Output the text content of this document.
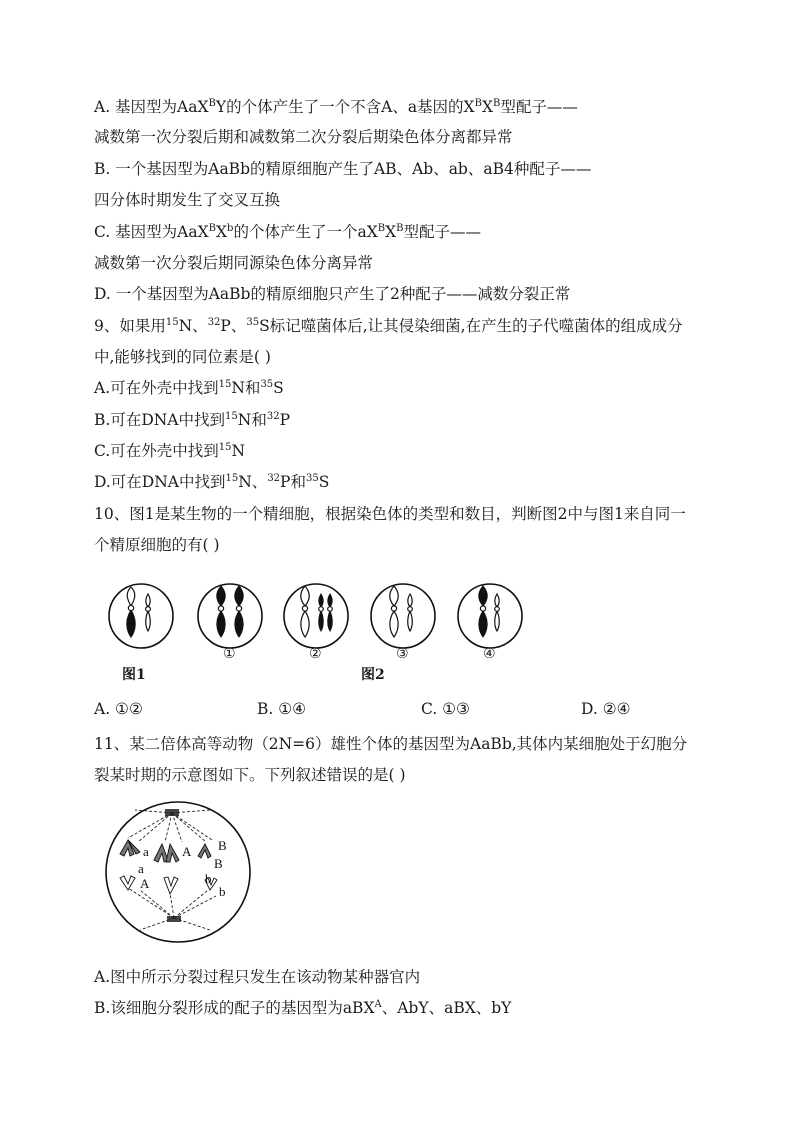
A. 基因型为AaX$^B$Y的个体产生了一个不含A、a基因的$X^BX^B$型配子——
减数第一次分裂后期和减数第二次分裂后期染色体分离都异常
B. 一个基因型为AaBb的精原细胞产生了AB、Ab、ab、aB4种配子——
四分体时期发生了交叉互换
C. 基因型为$AaX^BX^b$的个体产生了一个$aX^BX^B$型配子——
减数第一次分裂后期同源染色体分离异常
D. 一个基因型为AaBb的精原细胞只产生了2种配子——减数分裂正常
9、如果用$^{15}$N、$^{32}$P、$^{35}$S标记噬菌体后,让其侵染细菌,在产生的子代噬菌体的组成成分
中,能够找到的同位素是( )
A.可在外壳中找到$^{15}$N和$^{35}$S
B.可在DNA中找到$^{15}$N和$^{32}$P
C.可在外壳中找到$^{15}$N
D.可在DNA中找到$^{15}$N、$^{32}$P和$^{35}$S
10、图1是某生物的一个精细胞，根据染色体的类型和数目，判断图2中与图1来自同一
个精原细胞的有( )
图1	图2
①	②	③	④
A. ①②	B. ①④	C. ①③	D. ②④
11、某二倍体高等动物（2N=6）雄性个体的基因型为AaBb,其体内某细胞处于幻胞分
裂某时期的示意图如下。下列叙述错误的是( )
a	A B
a	B
A	b
b
A.图中所示分裂过程只发生在该动物某种器官内
B.该细胞分裂形成的配子的基因型为aBX$^A$、AbY、aBX、bY
